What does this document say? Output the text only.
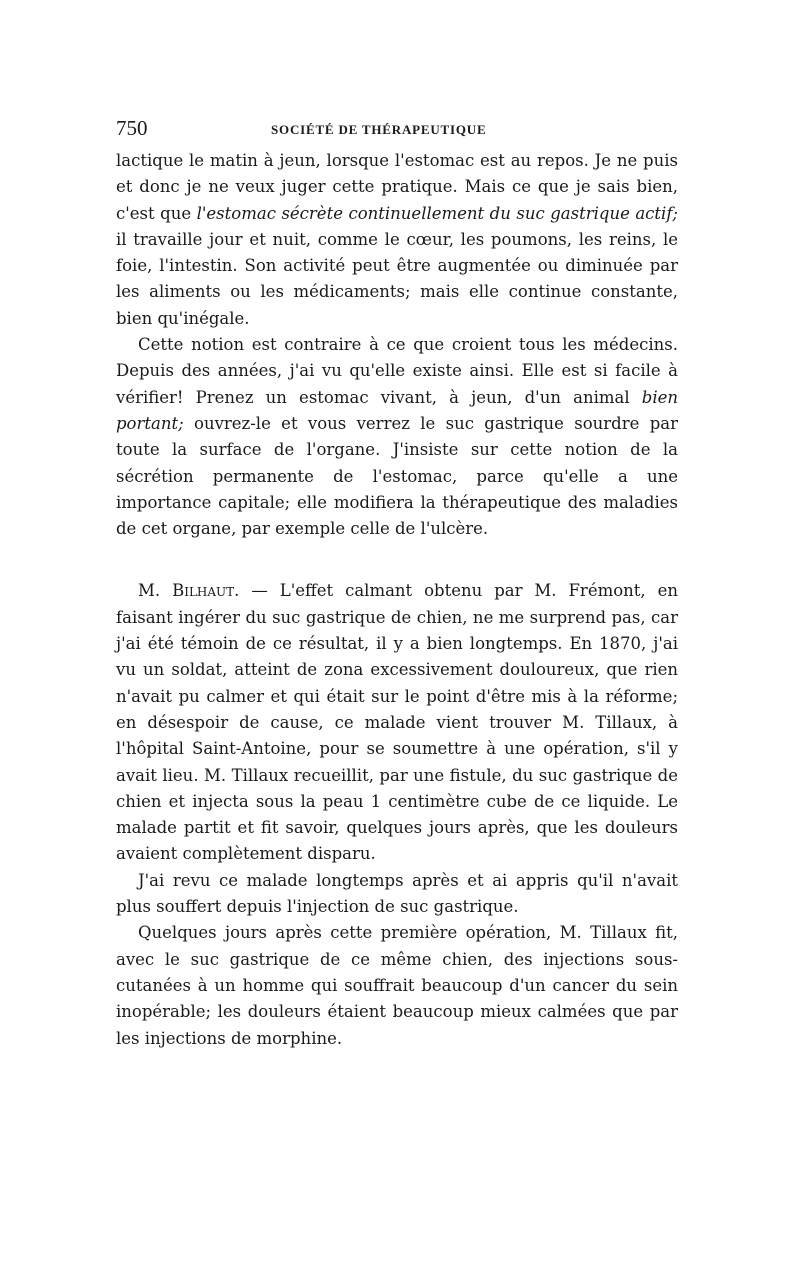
750	SOCIÉTÉ DE THÉRAPEUTIQUE

lactique le matin à jeun, lorsque l'estomac est au repos. Je ne puis et donc je ne veux juger cette pratique. Mais ce que je sais bien, c'est que l'estomac sécrète continuellement du suc gastrique actif; il travaille jour et nuit, comme le cœur, les poumons, les reins, le foie, l'intestin. Son activité peut être augmentée ou diminuée par les aliments ou les médicaments; mais elle continue constante, bien qu'inégale.

Cette notion est contraire à ce que croient tous les médecins. Depuis des années, j'ai vu qu'elle existe ainsi. Elle est si facile à vérifier! Prenez un estomac vivant, à jeun, d'un animal bien portant; ouvrez-le et vous verrez le suc gastrique sourdre par toute la surface de l'organe. J'insiste sur cette notion de la sécrétion permanente de l'estomac, parce qu'elle a une importance capitale; elle modifiera la thérapeutique des maladies de cet organe, par exemple celle de l'ulcère.

M. Bilhaut. — L'effet calmant obtenu par M. Frémont, en faisant ingérer du suc gastrique de chien, ne me surprend pas, car j'ai été témoin de ce résultat, il y a bien longtemps. En 1870, j'ai vu un soldat, atteint de zona excessivement douloureux, que rien n'avait pu calmer et qui était sur le point d'être mis à la réforme; en désespoir de cause, ce malade vient trouver M. Tillaux, à l'hôpital Saint-Antoine, pour se soumettre à une opération, s'il y avait lieu. M. Tillaux recueillit, par une fistule, du suc gastrique de chien et injecta sous la peau 1 centimètre cube de ce liquide. Le malade partit et fit savoir, quelques jours après, que les douleurs avaient complètement disparu.

J'ai revu ce malade longtemps après et ai appris qu'il n'avait plus souffert depuis l'injection de suc gastrique.

Quelques jours après cette première opération, M. Tillaux fit, avec le suc gastrique de ce même chien, des injections sous-cutanées à un homme qui souffrait beaucoup d'un cancer du sein inopérable; les douleurs étaient beaucoup mieux calmées que par les injections de morphine.
